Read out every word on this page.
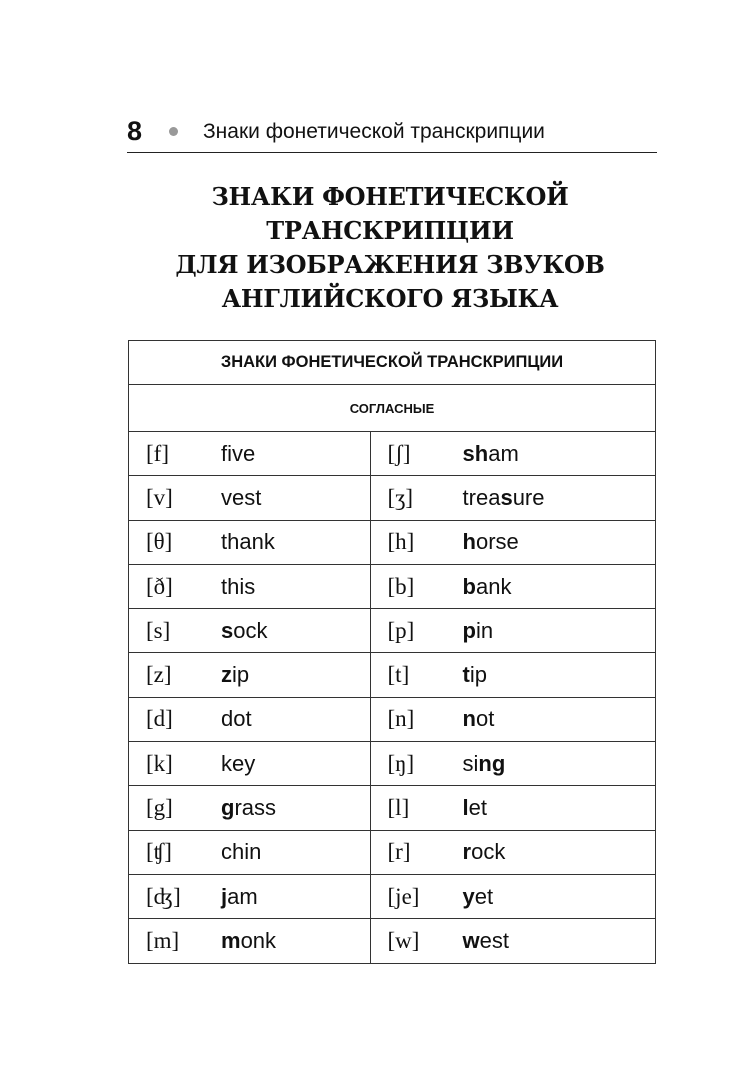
8	Знаки фонетической транскрипции
ЗНАКИ ФОНЕТИЧЕСКОЙ
ТРАНСКРИПЦИИ
ДЛЯ ИЗОБРАЖЕНИЯ ЗВУКОВ
АНГЛИЙСКОГО ЯЗЫКА
ЗНАКИ ФОНЕТИЧЕСКОЙ ТРАНСКРИПЦИИ	
СОГЛАСНЫЕ	
[f] five	[ʃ] sham
[v] vest	[ʒ] treasure
[θ] thank	[h] horse
[ð] this	[b] bank
[s] sock	[p] pin
[z] zip	[t] tip
[d] dot	[n] not
[k] key	[ŋ] sing
[g] grass	[l] let
[ʧ] chin	[r] rock
[ʤ] jam	[je] yet
[m] monk	[w] west
